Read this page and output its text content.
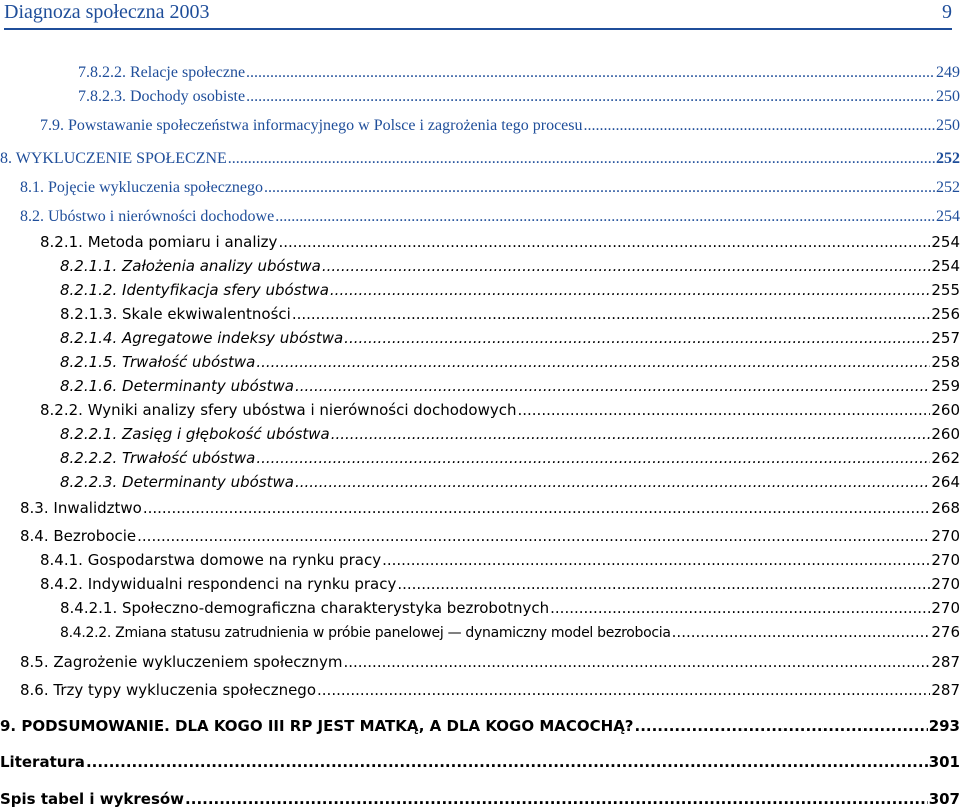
Diagnoza społeczna 2003	9
7.8.2.2. Relacje społeczne .....	249
7.8.2.3. Dochody osobiste .....	250
7.9. Powstawanie społeczeństwa informacyjnego w Polsce i zagrożenia tego procesu .....	250
8. WYKLUCZENIE SPOŁECZNE .....	252
8.1. Pojęcie wykluczenia społecznego .....	252
8.2. Ubóstwo i nierówności dochodowe .....	254
8.2.1. Metoda pomiaru i analizy .....	254
8.2.1.1. Założenia analizy ubóstwa .....	254
8.2.1.2. Identyfikacja sfery ubóstwa .....	255
8.2.1.3. Skale ekwiwalentności .....	256
8.2.1.4. Agregatowe indeksy ubóstwa .....	257
8.2.1.5. Trwałość ubóstwa .....	258
8.2.1.6. Determinanty ubóstwa .....	259
8.2.2. Wyniki analizy sfery ubóstwa i nierówności dochodowych .....	260
8.2.2.1. Zasięg i głębokość ubóstwa .....	260
8.2.2.2. Trwałość ubóstwa .....	262
8.2.2.3. Determinanty ubóstwa .....	264
8.3. Inwalidztwo .....	268
8.4. Bezrobocie .....	270
8.4.1. Gospodarstwa domowe na rynku pracy .....	270
8.4.2. Indywidualni respondenci na rynku pracy .....	270
8.4.2.1. Społeczno-demograficzna charakterystyka bezrobotnych .....	270
8.4.2.2. Zmiana statusu zatrudnienia w próbie panelowej — dynamiczny model bezrobocia .....	276
8.5. Zagrożenie wykluczeniem społecznym .....	287
8.6. Trzy typy wykluczenia społecznego .....	287
9. PODSUMOWANIE. DLA KOGO III RP JEST MATKĄ, A DLA KOGO MACOCHĄ? .....	293
Literatura .....	301
Spis tabel i wykresów .....	307
